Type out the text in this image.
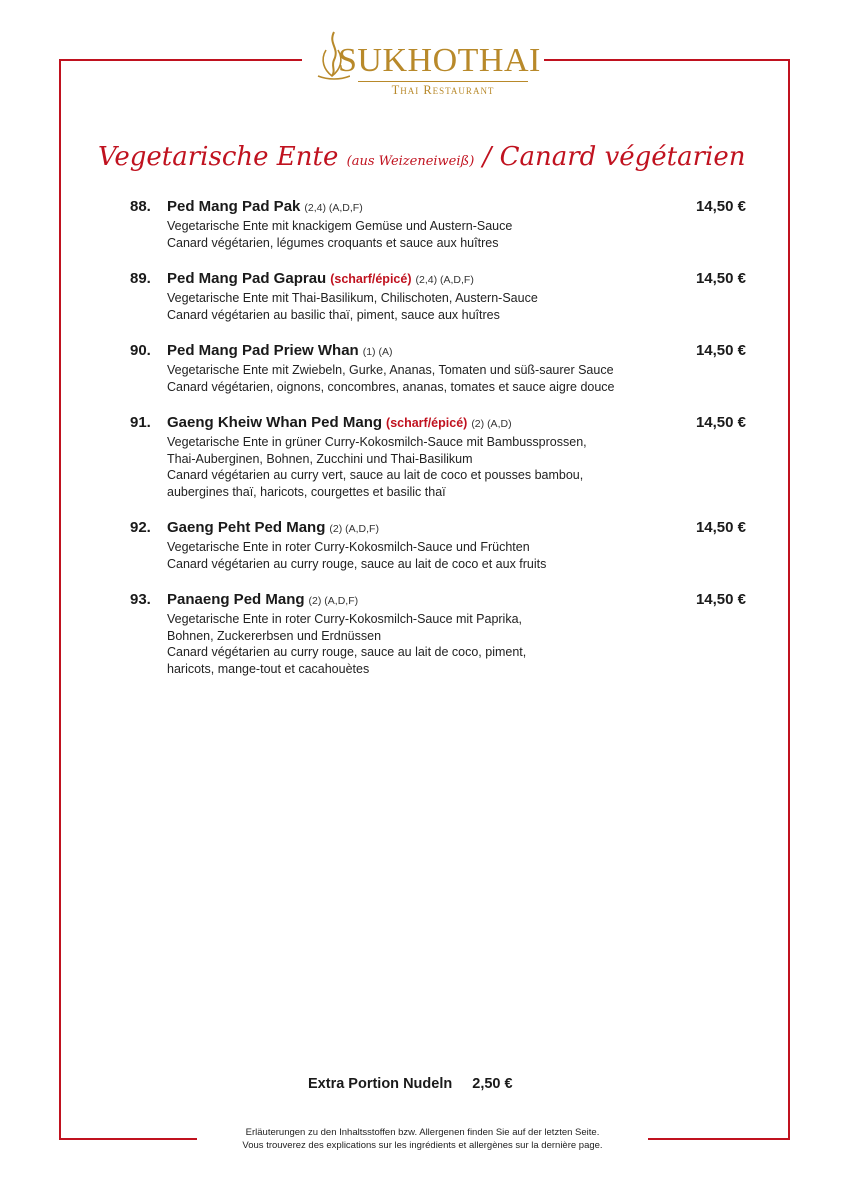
SUKHOTHAI
Thai Restaurant
Vegetarische Ente (aus Weizeneiweiß) / Canard végétarien
88. Ped Mang Pad Pak (2,4) (A,D,F)	14,50 €
Vegetarische Ente mit knackigem Gemüse und Austern-Sauce
Canard végétarien, légumes croquants et sauce aux huîtres
89. Ped Mang Pad Gaprau (scharf/épicé) (2,4) (A,D,F)	14,50 €
Vegetarische Ente mit Thai-Basilikum, Chilischoten, Austern-Sauce
Canard végétarien au basilic thaï, piment, sauce aux huîtres
90. Ped Mang Pad Priew Whan (1) (A)	14,50 €
Vegetarische Ente mit Zwiebeln, Gurke, Ananas, Tomaten und süß-saurer Sauce
Canard végétarien, oignons, concombres, ananas, tomates et sauce aigre douce
91. Gaeng Kheiw Whan Ped Mang (scharf/épicé) (2) (A,D)	14,50 €
Vegetarische Ente in grüner Curry-Kokosmilch-Sauce mit Bambussprossen,
Thai-Auberginen, Bohnen, Zucchini und Thai-Basilikum
Canard végétarien au curry vert, sauce au lait de coco et pousses bambou,
aubergines thaï, haricots, courgettes et basilic thaï
92. Gaeng Peht Ped Mang (2) (A,D,F)	14,50 €
Vegetarische Ente in roter Curry-Kokosmilch-Sauce und Früchten
Canard végétarien au curry rouge, sauce au lait de coco et aux fruits
93. Panaeng Ped Mang (2) (A,D,F)	14,50 €
Vegetarische Ente in roter Curry-Kokosmilch-Sauce mit Paprika,
Bohnen, Zuckererbsen und Erdnüssen
Canard végétarien au curry rouge, sauce au lait de coco, piment,
haricots, mange-tout et cacahouètes
Extra Portion Nudeln 2,50 €
Erläuterungen zu den Inhaltsstoffen bzw. Allergenen finden Sie auf der letzten Seite.
Vous trouverez des explications sur les ingrédients et allergènes sur la dernière page.
